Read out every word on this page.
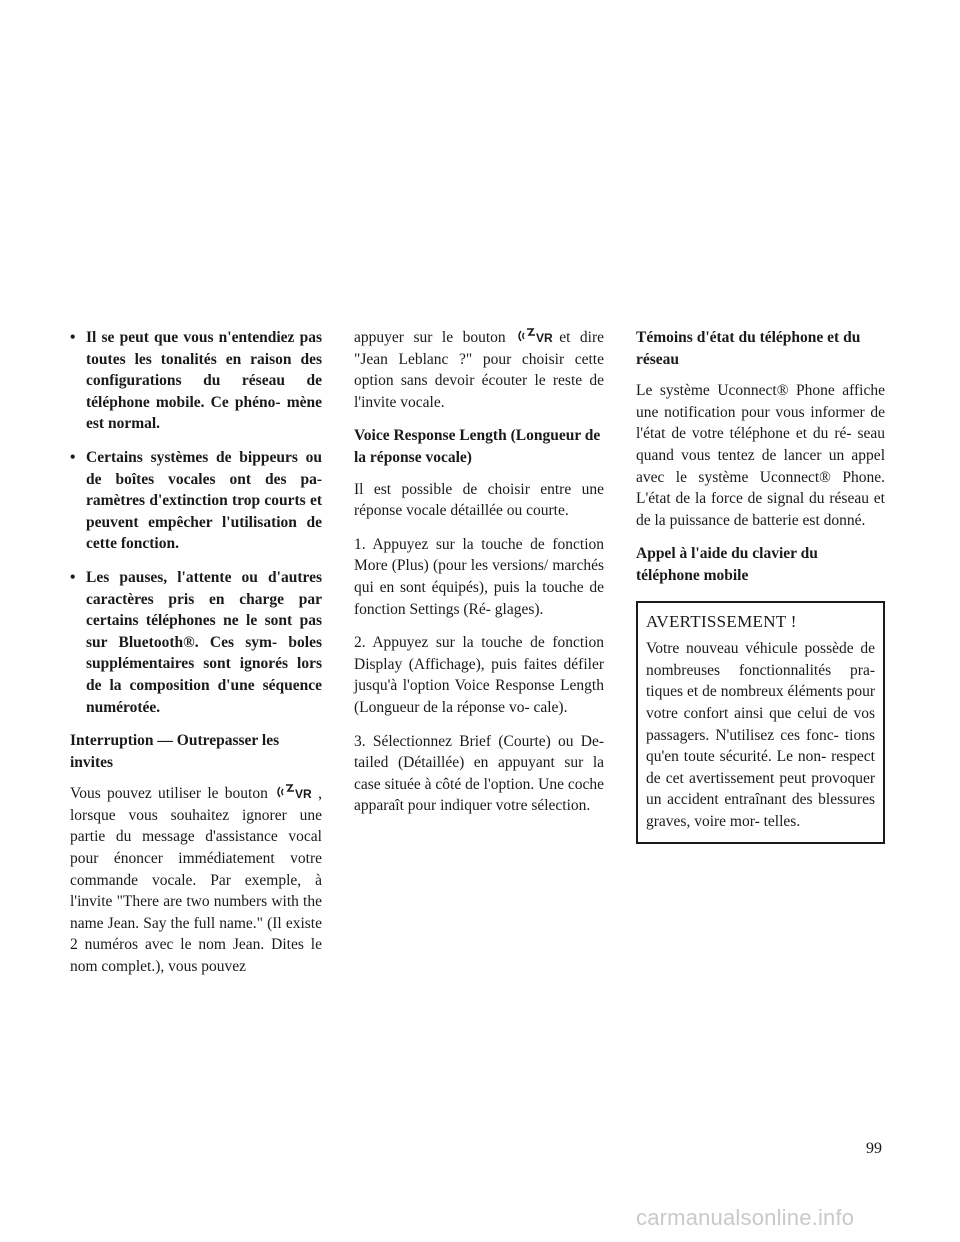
• Il se peut que vous n'entendiez pas toutes les tonalités en raison des configurations du réseau de téléphone mobile. Ce phéno- mène est normal.
• Certains systèmes de bippeurs ou de boîtes vocales ont des pa- ramètres d'extinction trop courts et peuvent empêcher l'utilisation de cette fonction.
• Les pauses, l'attente ou d'autres caractères pris en charge par certains téléphones ne le sont pas sur Bluetooth®. Ces sym- boles supplémentaires sont ignorés lors de la composition d'une séquence numérotée.
Interruption — Outrepasser les invites

Vous pouvez utiliser le bouton VR , lorsque vous souhaitez ignorer une partie du message d'assistance vocal pour énoncer immédiatement votre commande vocale. Par exemple, à l'invite "There are two numbers with the name Jean. Say the full name." (Il existe 2 numéros avec le nom Jean. Dites le nom complet.), vous pouvez

appuyer sur le bouton	VR et dire "Jean Leblanc ?" pour choisir cette option sans devoir écouter le reste de l'invite vocale.

Voice Response Length (Longueur de la réponse vocale)

Il est possible de choisir entre une réponse vocale détaillée ou courte.

1. Appuyez sur la touche de fonction More (Plus) (pour les versions/ marchés qui en sont équipés), puis la touche de fonction Settings (Ré- glages).

2. Appuyez sur la touche de fonction Display (Affichage), puis faites défiler jusqu'à l'option Voice Response Length (Longueur de la réponse vo- cale).

3. Sélectionnez Brief (Courte) ou De- tailed (Détaillée) en appuyant sur la case située à côté de l'option. Une coche apparaît pour indiquer votre sélection.

Témoins d'état du téléphone et du réseau

Le système Uconnect® Phone affiche une notification pour vous informer de l'état de votre téléphone et du ré- seau quand vous tentez de lancer un appel avec le système Uconnect® Phone. L'état de la force de signal du réseau et de la puissance de batterie est donné.

Appel à l'aide du clavier du téléphone mobile
AVERTISSEMENT !

Votre nouveau véhicule possède de nombreuses fonctionnalités pra- tiques et de nombreux éléments pour votre confort ainsi que celui de vos passagers. N'utilisez ces fonc- tions qu'en toute sécurité. Le non- respect de cet avertissement peut provoquer un accident entraînant des blessures graves, voire mor- telles.

99
carmanualsonline.info
